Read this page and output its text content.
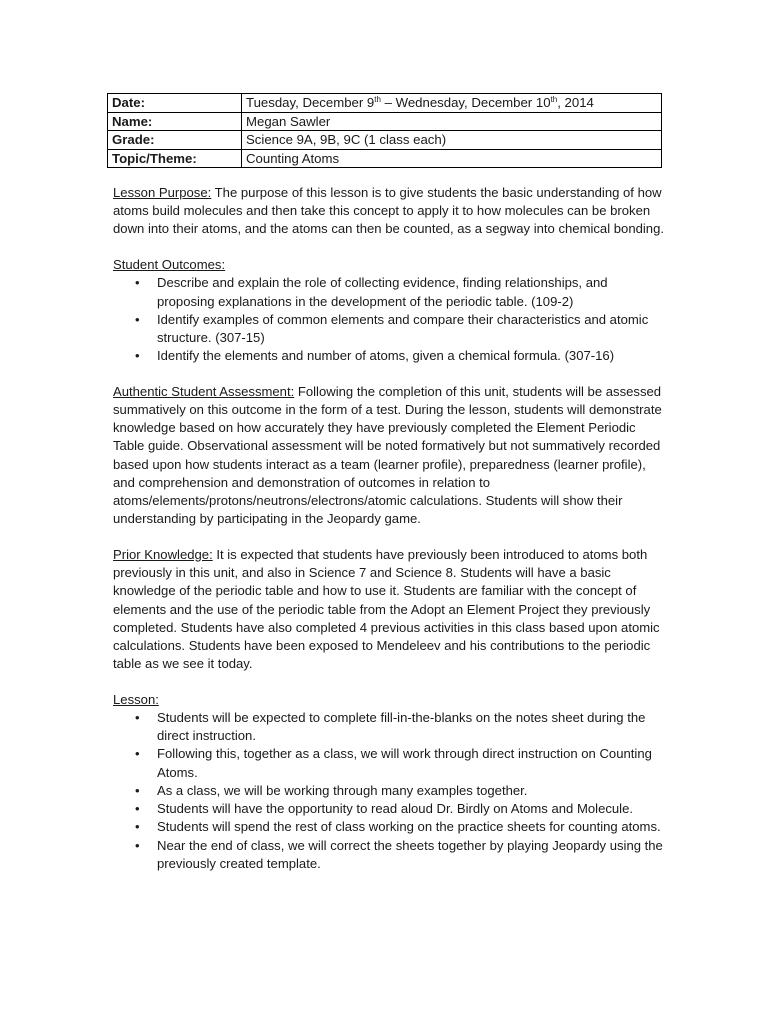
Date:	Tuesday, December 9th – Wednesday, December 10th, 2014
Name:	Megan Sawler
Grade:	Science 9A, 9B, 9C (1 class each)
Topic/Theme:	Counting Atoms

Lesson Purpose: The purpose of this lesson is to give students the basic understanding of how atoms build molecules and then take this concept to apply it to how molecules can be broken down into their atoms, and the atoms can then be counted, as a segway into chemical bonding.

Student Outcomes:

• Describe and explain the role of collecting evidence, finding relationships, and proposing explanations in the development of the periodic table. (109-2)
• Identify examples of common elements and compare their characteristics and atomic structure. (307-15)
• Identify the elements and number of atoms, given a chemical formula. (307-16)

Authentic Student Assessment: Following the completion of this unit, students will be assessed summatively on this outcome in the form of a test. During the lesson, students will demonstrate knowledge based on how accurately they have previously completed the Element Periodic Table guide. Observational assessment will be noted formatively but not summatively recorded based upon how students interact as a team (learner profile), preparedness (learner profile), and comprehension and demonstration of outcomes in relation to atoms/elements/protons/neutrons/electrons/atomic calculations. Students will show their understanding by participating in the Jeopardy game.

Prior Knowledge: It is expected that students have previously been introduced to atoms both previously in this unit, and also in Science 7 and Science 8. Students will have a basic knowledge of the periodic table and how to use it. Students are familiar with the concept of elements and the use of the periodic table from the Adopt an Element Project they previously completed. Students have also completed 4 previous activities in this class based upon atomic calculations. Students have been exposed to Mendeleev and his contributions to the periodic table as we see it today.

Lesson:

• Students will be expected to complete fill-in-the-blanks on the notes sheet during the direct instruction.
• Following this, together as a class, we will work through direct instruction on Counting Atoms.
• As a class, we will be working through many examples together.
• Students will have the opportunity to read aloud Dr. Birdly on Atoms and Molecule.
• Students will spend the rest of class working on the practice sheets for counting atoms.
• Near the end of class, we will correct the sheets together by playing Jeopardy using the previously created template.
